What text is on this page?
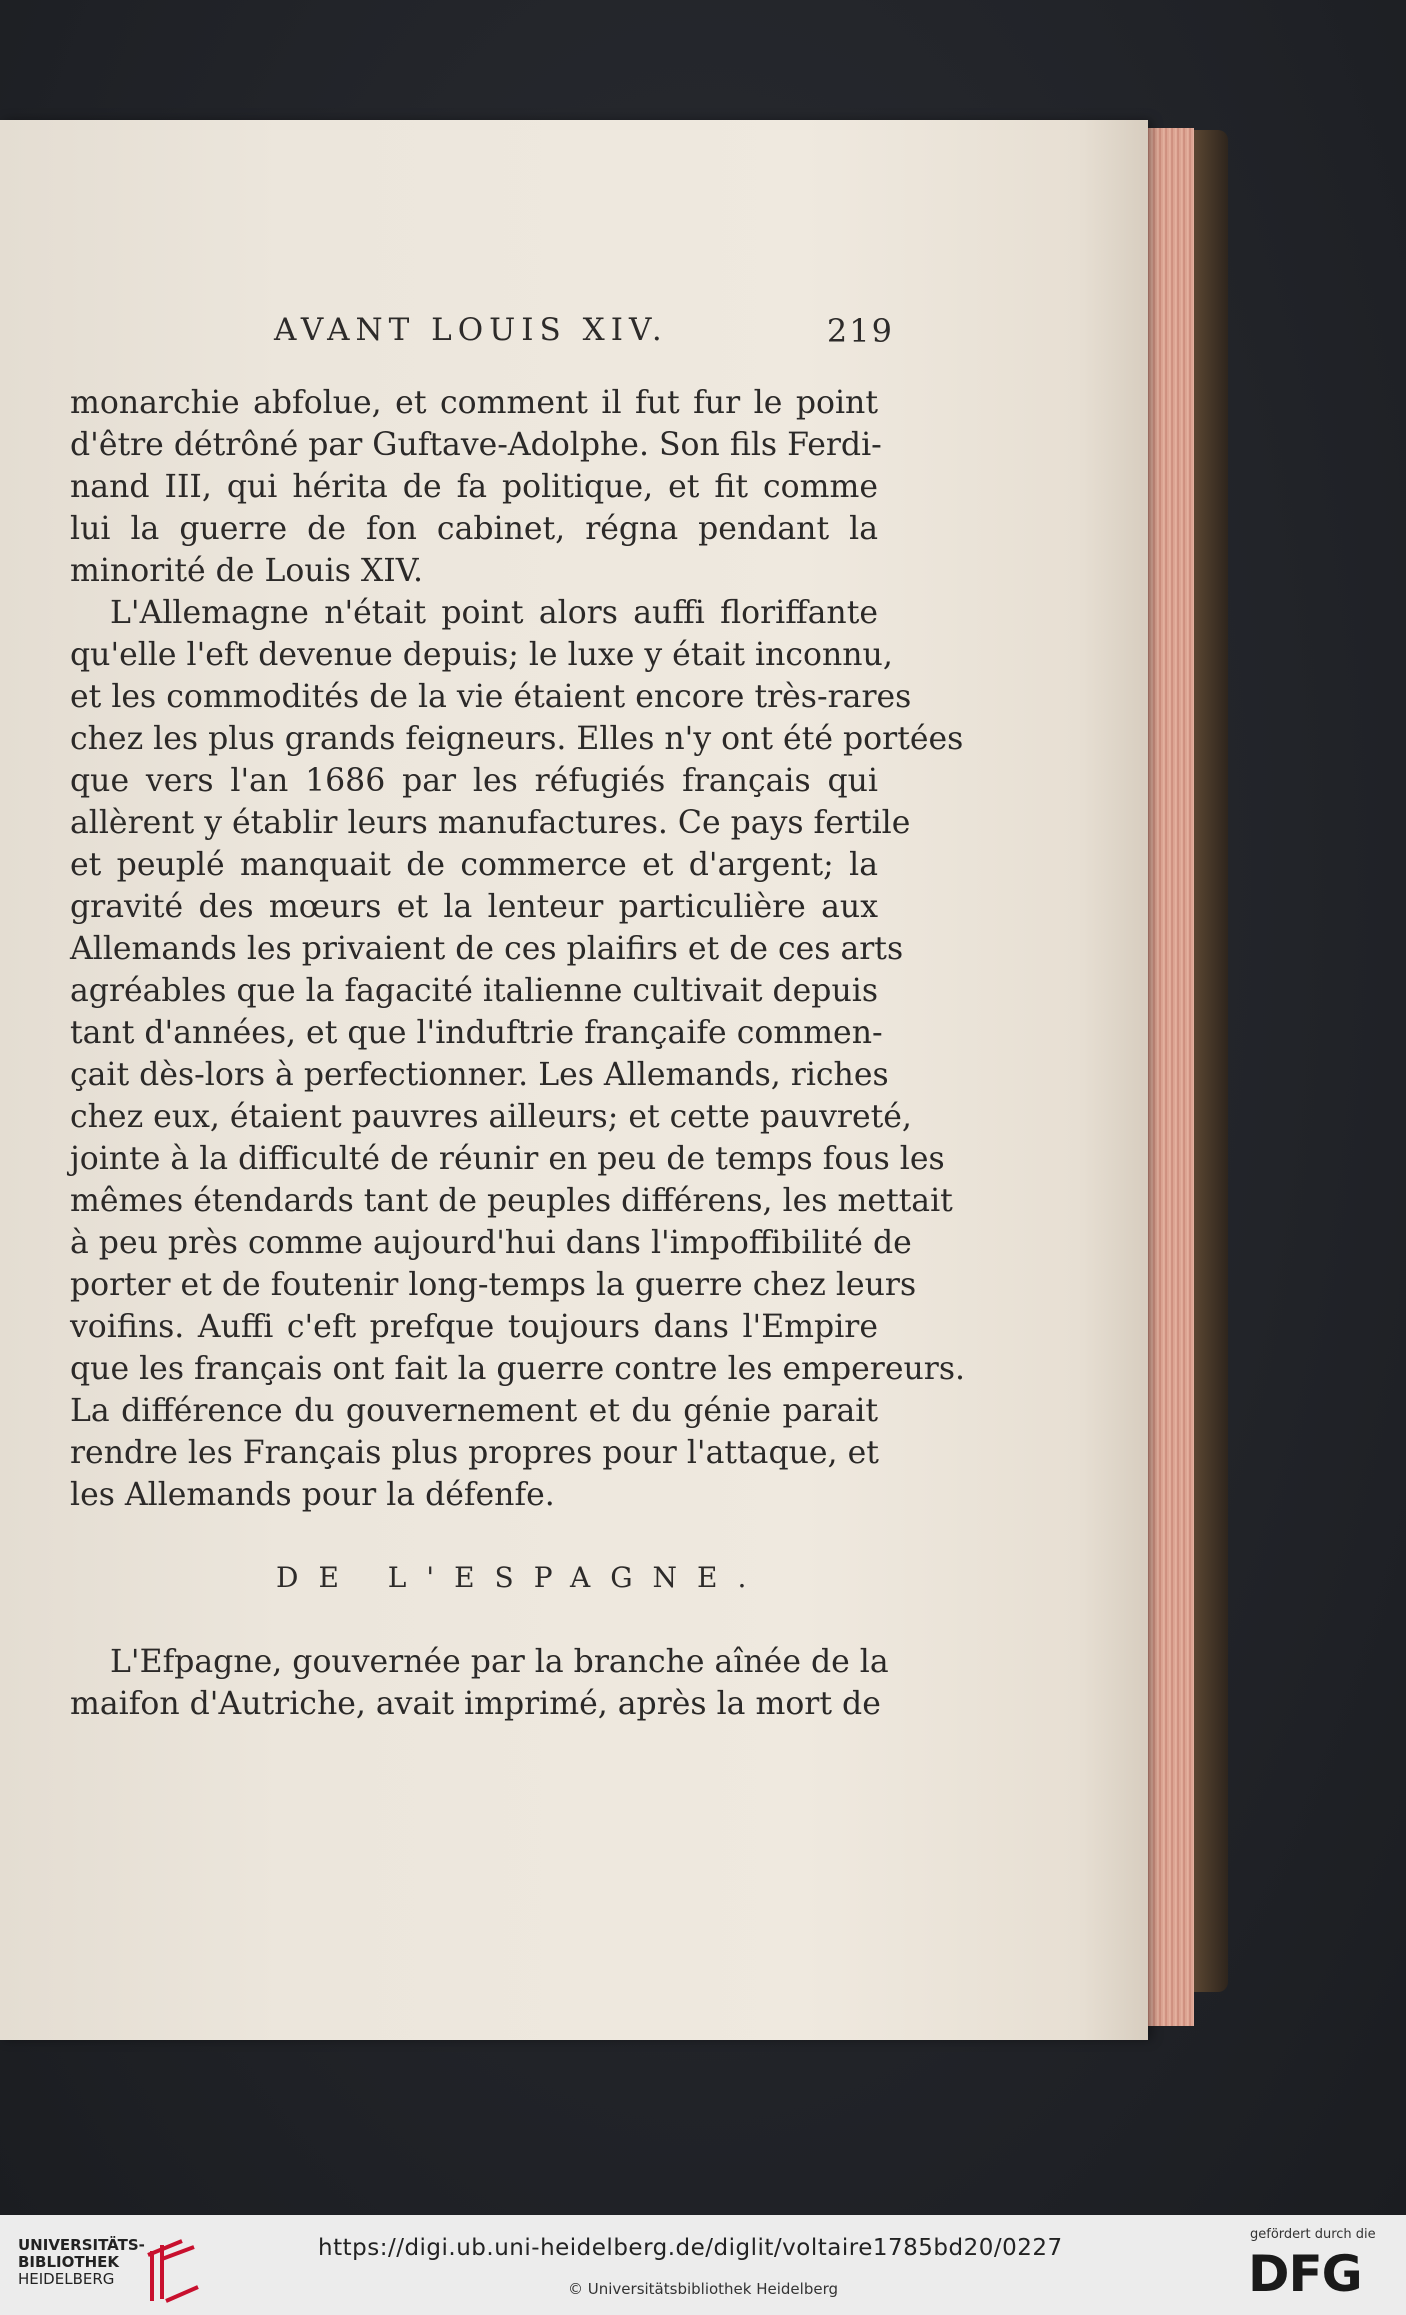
AVANT LOUIS XIV.	219
monarchie abfolue, et comment il fut fur le point
d'être détrôné par Guftave-Adolphe. Son fils Ferdi-
nand III, qui hérita de fa politique, et fit comme
lui la guerre de fon cabinet, régna pendant la
minorité de Louis XIV.
L'Allemagne n'était point alors auffi floriffante
qu'elle l'eft devenue depuis; le luxe y était inconnu,
et les commodités de la vie étaient encore très-rares
chez les plus grands feigneurs. Elles n'y ont été portées
que vers l'an 1686 par les réfugiés français qui
allèrent y établir leurs manufactures. Ce pays fertile
et peuplé manquait de commerce et d'argent; la
gravité des mœurs et la lenteur particulière aux
Allemands les privaient de ces plaifirs et de ces arts
agréables que la fagacité italienne cultivait depuis
tant d'années, et que l'induftrie françaife commen-
çait dès-lors à perfectionner. Les Allemands, riches
chez eux, étaient pauvres ailleurs; et cette pauvreté,
jointe à la difficulté de réunir en peu de temps fous les
mêmes étendards tant de peuples différens, les mettait
à peu près comme aujourd'hui dans l'impoffibilité de
porter et de foutenir long-temps la guerre chez leurs
voifins. Auffi c'eft prefque toujours dans l'Empire
que les français ont fait la guerre contre les empereurs.
La différence du gouvernement et du génie parait
rendre les Français plus propres pour l'attaque, et
les Allemands pour la défenfe.
DE L'ESPAGNE.
L'Efpagne, gouvernée par la branche aînée de la
maifon d'Autriche, avait imprimé, après la mort de
UNIVERSITÄTS-
BIBLIOTHEK
HEIDELBERG
https://digi.ub.uni-heidelberg.de/diglit/voltaire1785bd20/0227
© Universitätsbibliothek Heidelberg
gefördert durch die
DFG
